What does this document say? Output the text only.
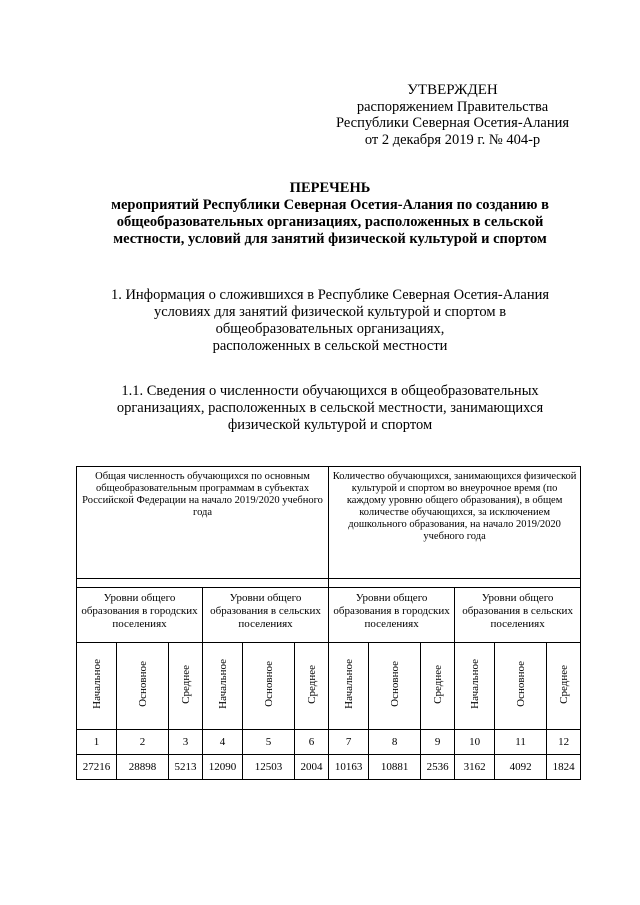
УТВЕРЖДЕН
распоряжением Правительства
Республики Северная Осетия-Алания
от 2 декабря 2019 г. № 404-р
ПЕРЕЧЕНЬ
мероприятий Республики Северная Осетия-Алания по созданию в
общеобразовательных организациях, расположенных в сельской
местности, условий для занятий физической культурой и спортом
1. Информация о сложившихся в Республике Северная Осетия-Алания
условиях для занятий физической культурой и спортом в
общеобразовательных организациях,
расположенных в сельской местности
1.1. Сведения о численности обучающихся в общеобразовательных
организациях, расположенных в сельской местности, занимающихся
физической культурой и спортом
Общая численность обучающихся по основным общеобразовательным программам в субъектах Российской Федерации на начало 2019/2020 учебного года						Количество обучающихся, занимающихся физической культурой и спортом во внеурочное время (по каждому уровню общего образования), в общем количестве обучающихся, за исключением дошкольного образования, на начало 2019/2020 учебного года					

Уровни общего образования в городских поселениях			Уровни общего образования в сельских поселениях			Уровни общего образования в городских поселениях			Уровни общего образования в сельских поселениях		
Начальное	Основное	Среднее	Начальное	Основное	Среднее	Начальное	Основное	Среднее	Начальное	Основное	Среднее
1	2	3	4	5	6	7	8	9	10	11	12
27216	28898	5213	12090	12503	2004	10163	10881	2536	3162	4092	1824
